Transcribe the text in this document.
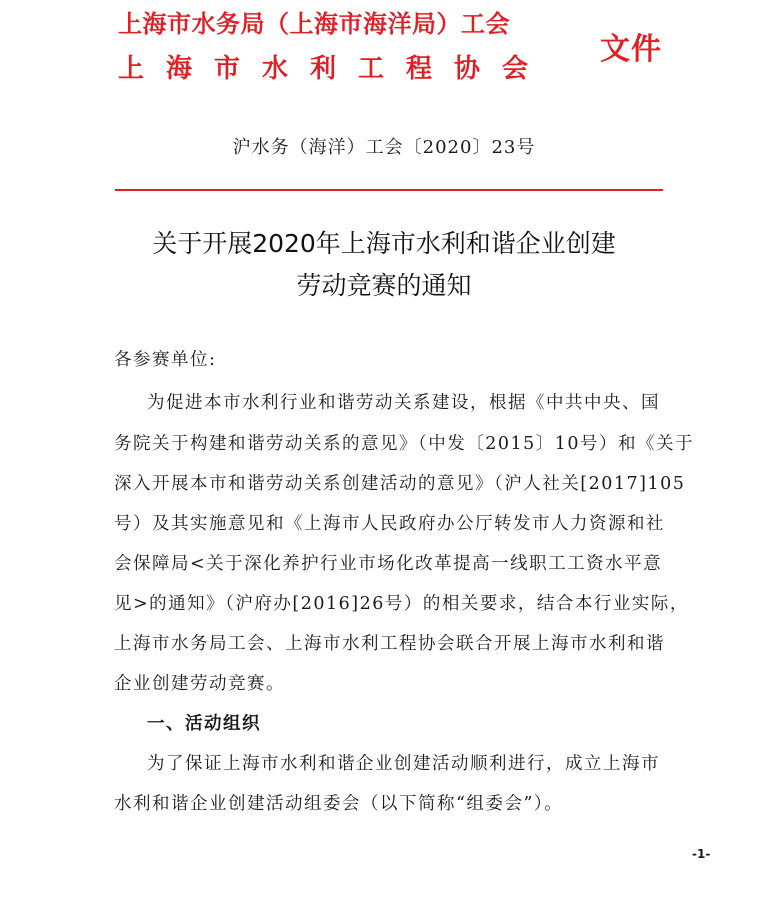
上海市水务局（上海市海洋局）工会
上海市水利工程协会
文件
沪水务（海洋）工会〔2020〕23号
关于开展2020年上海市水利和谐企业创建
劳动竞赛的通知
各参赛单位:
为促进本市水利行业和谐劳动关系建设，根据《中共中央、国
务院关于构建和谐劳动关系的意见》（中发〔2015〕10号）和《关于
深入开展本市和谐劳动关系创建活动的意见》（沪人社关[2017]105
号）及其实施意见和《上海市人民政府办公厅转发市人力资源和社
会保障局<关于深化养护行业市场化改革提高一线职工工资水平意
见>的通知》（沪府办[2016]26号）的相关要求，结合本行业实际，
上海市水务局工会、上海市水利工程协会联合开展上海市水利和谐
企业创建劳动竞赛。
一、活动组织
为了保证上海市水利和谐企业创建活动顺利进行，成立上海市
水利和谐企业创建活动组委会（以下简称“组委会”）。
-1-
